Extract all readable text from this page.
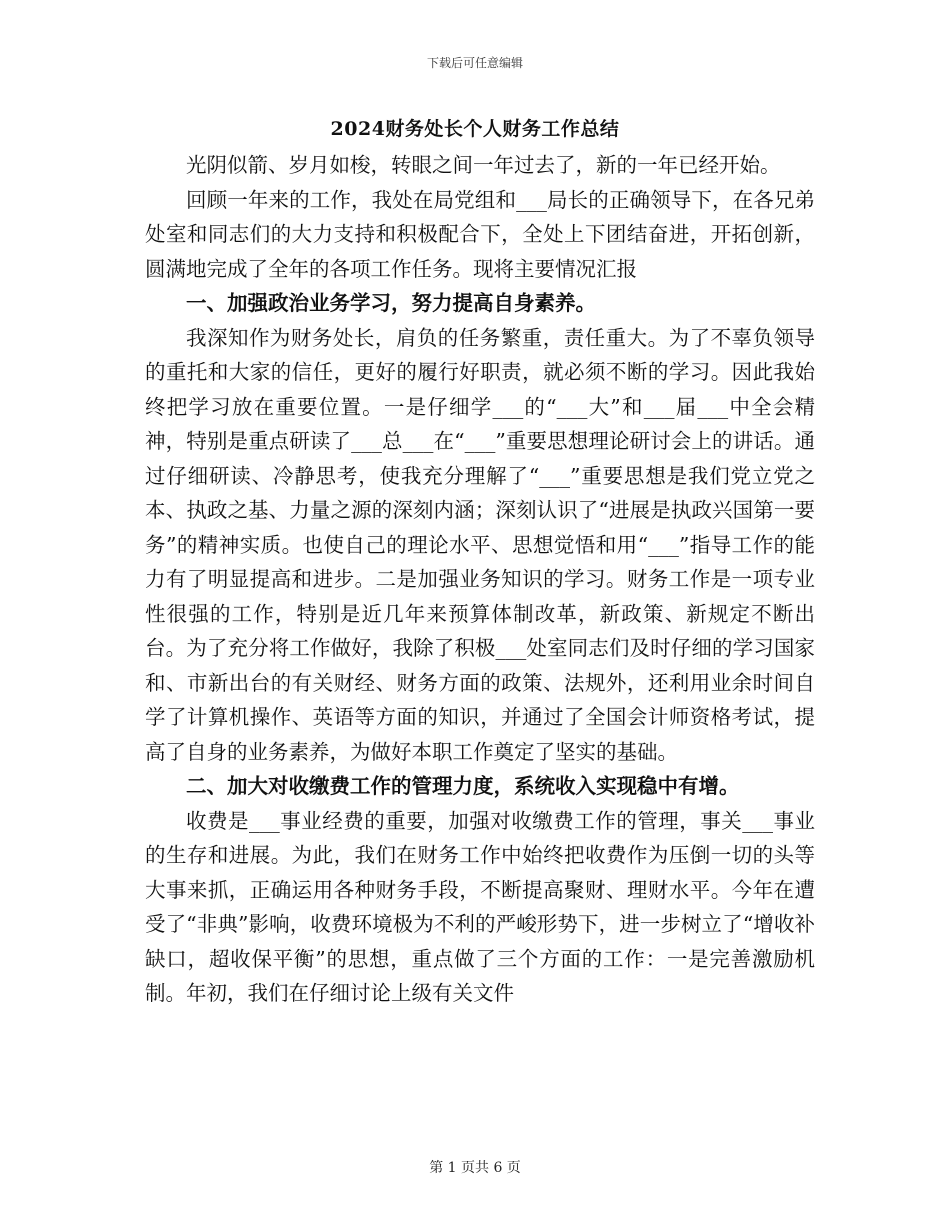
下载后可任意编辑
2024财务处长个人财务工作总结

光阴似箭、岁月如梭，转眼之间一年过去了，新的一年已经开始。

回顾一年来的工作，我处在局党组和___局长的正确领导下，在各兄弟处室和同志们的大力支持和积极配合下，全处上下团结奋进，开拓创新，圆满地完成了全年的各项工作任务。现将主要情况汇报

一、加强政治业务学习，努力提高自身素养。

我深知作为财务处长，肩负的任务繁重，责任重大。为了不辜负领导的重托和大家的信任，更好的履行好职责，就必须不断的学习。因此我始终把学习放在重要位置。一是仔细学___的“___大”和___届___中全会精神，特别是重点研读了___总___在“___”重要思想理论研讨会上的讲话。通过仔细研读、冷静思考，使我充分理解了“___”重要思想是我们党立党之本、执政之基、力量之源的深刻内涵；深刻认识了“进展是执政兴国第一要务”的精神实质。也使自己的理论水平、思想觉悟和用“___”指导工作的能力有了明显提高和进步。二是加强业务知识的学习。财务工作是一项专业性很强的工作，特别是近几年来预算体制改革，新政策、新规定不断出台。为了充分将工作做好，我除了积极___处室同志们及时仔细的学习国家和、市新出台的有关财经、财务方面的政策、法规外，还利用业余时间自学了计算机操作、英语等方面的知识，并通过了全国会计师资格考试，提高了自身的业务素养，为做好本职工作奠定了坚实的基础。

二、加大对收缴费工作的管理力度，系统收入实现稳中有增。

收费是___事业经费的重要，加强对收缴费工作的管理，事关___事业的生存和进展。为此，我们在财务工作中始终把收费作为压倒一切的头等大事来抓，正确运用各种财务手段，不断提高聚财、理财水平。今年在遭受了“非典”影响，收费环境极为不利的严峻形势下，进一步树立了“增收补缺口，超收保平衡”的思想，重点做了三个方面的工作：一是完善激励机制。年初，我们在仔细讨论上级有关文件

第 1 页共 6 页
